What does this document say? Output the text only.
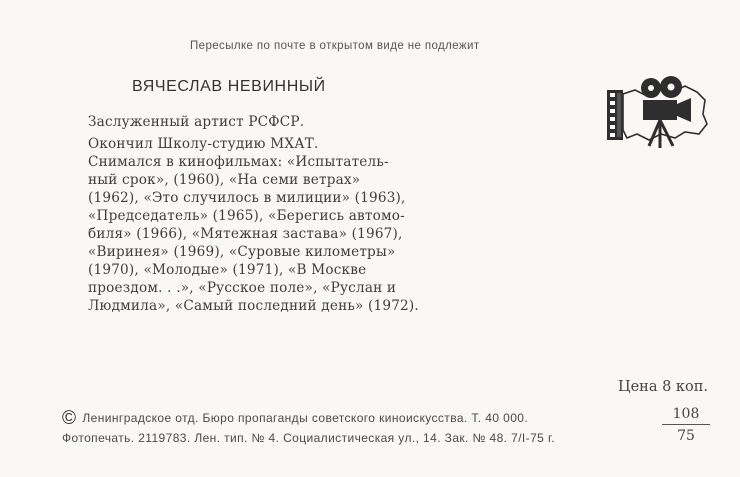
Пересылке по почте в открытом виде не подлежит
ВЯЧЕСЛАВ НЕВИННЫЙ
Заслуженный артист РСФСР.
Окончил Школу-студию МХАТ.
Снимался в кинофильмах: «Испытатель-
ный срок», (1960), «На семи ветрах»
(1962), «Это случилось в милиции» (1963),
«Председатель» (1965), «Берегись автомо-
биля» (1966), «Мятежная застава» (1967),
«Виринея» (1969), «Суровые километры»
(1970), «Молодые» (1971), «В Москве
проездом. . .», «Русское поле», «Руслан и
Людмила», «Самый последний день» (1972).
Цена 8 коп.
© Ленинградское отд. Бюро пропаганды советского киноискусства. Т. 40 000.
Фотопечать. 2119783. Лен. тип. № 4. Социалистическая ул., 14. Зак. № 48. 7/I-75 г.
108
75
